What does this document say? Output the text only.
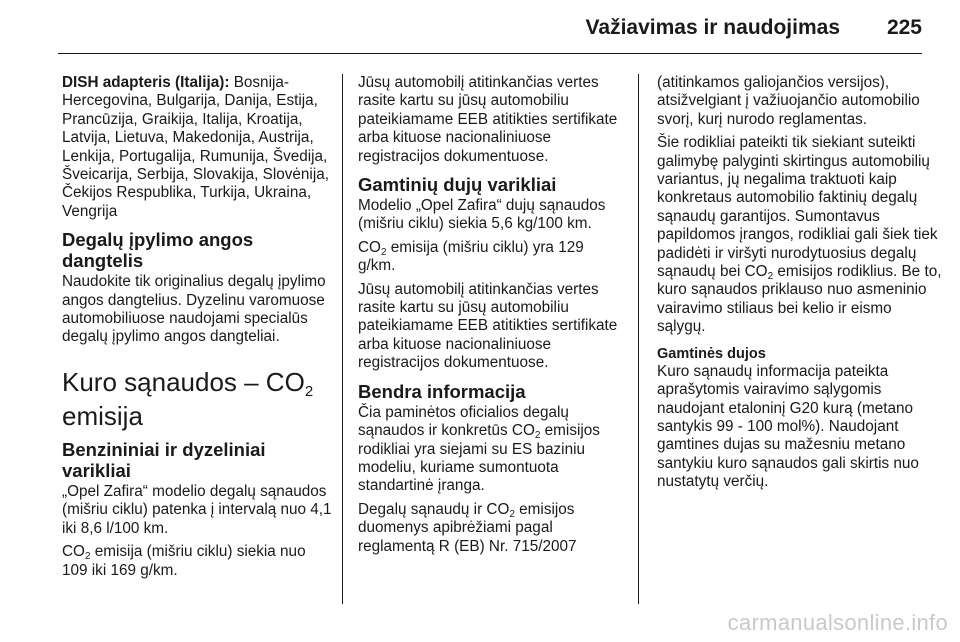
Važiavimas ir naudojimas 225

DISH adapteris (Italija): Bosnija-Hercegovina, Bulgarija, Danija, Estija, Prancūzija, Graikija, Italija, Kroatija, Latvija, Lietuva, Makedonija, Austrija, Lenkija, Portugalija, Rumunija, Švedija, Šveicarija, Serbija, Slovakija, Slovėnija, Čekijos Respublika, Turkija, Ukraina, Vengrija

Degalų įpylimo angos dangtelis

Naudokite tik originalius degalų įpylimo angos dangtelius. Dyzelinu varomuose automobiliuose naudojami specialūs degalų įpylimo angos dangteliai.

Kuro sąnaudos – $CO_2$
emisija
Benzininiai ir dyzeliniai varikliai

„Opel Zafira“ modelio degalų sąnaudos (mišriu ciklu) patenka į intervalą nuo 4,1 iki 8,6 l/100 km.

$CO_2$ emisija (mišriu ciklu) siekia nuo 109 iki 169 g/km.

Jūsų automobilį atitinkančias vertes rasite kartu su jūsų automobiliu pateikiamame EEB atitikties sertifikate arba kituose nacionaliniuose registracijos dokumentuose.

Gamtinių dujų varikliai

Modelio „Opel Zafira“ dujų sąnaudos (mišriu ciklu) siekia 5,6 kg/100 km.

$CO_2$ emisija (mišriu ciklu) yra 129 g/km.

Jūsų automobilį atitinkančias vertes rasite kartu su jūsų automobiliu pateikiamame EEB atitikties sertifikate arba kituose nacionaliniuose registracijos dokumentuose.

Bendra informacija

Čia paminėtos oficialios degalų sąnaudos ir konkretūs $CO_2$ emisijos rodikliai yra siejami su ES baziniu modeliu, kuriame sumontuota standartinė įranga.

Degalų sąnaudų ir $CO_2$ emisijos duomenys apibrėžiami pagal reglamentą R (EB) Nr. 715/2007

(atitinkamos galiojančios versijos), atsižvelgiant į važiuojančio automobilio svorį, kurį nurodo reglamentas.

Šie rodikliai pateikti tik siekiant suteikti galimybę palyginti skirtingus automobilių variantus, jų negalima traktuoti kaip konkretaus automobilio faktinių degalų sąnaudų garantijos. Sumontavus papildomos įrangos, rodikliai gali šiek tiek padidėti ir viršyti nurodytuosius degalų sąnaudų bei $CO_2$ emisijos rodiklius. Be to, kuro sąnaudos priklauso nuo asmeninio vairavimo stiliaus bei kelio ir eismo sąlygų.

Gamtinės dujos

Kuro sąnaudų informacija pateikta aprašytomis vairavimo sąlygomis naudojant etaloninį G20 kurą (metano santykis 99 - 100 mol%). Naudojant gamtines dujas su mažesniu metano santykiu kuro sąnaudos gali skirtis nuo nustatytų verčių.

carmanualsonline.info
